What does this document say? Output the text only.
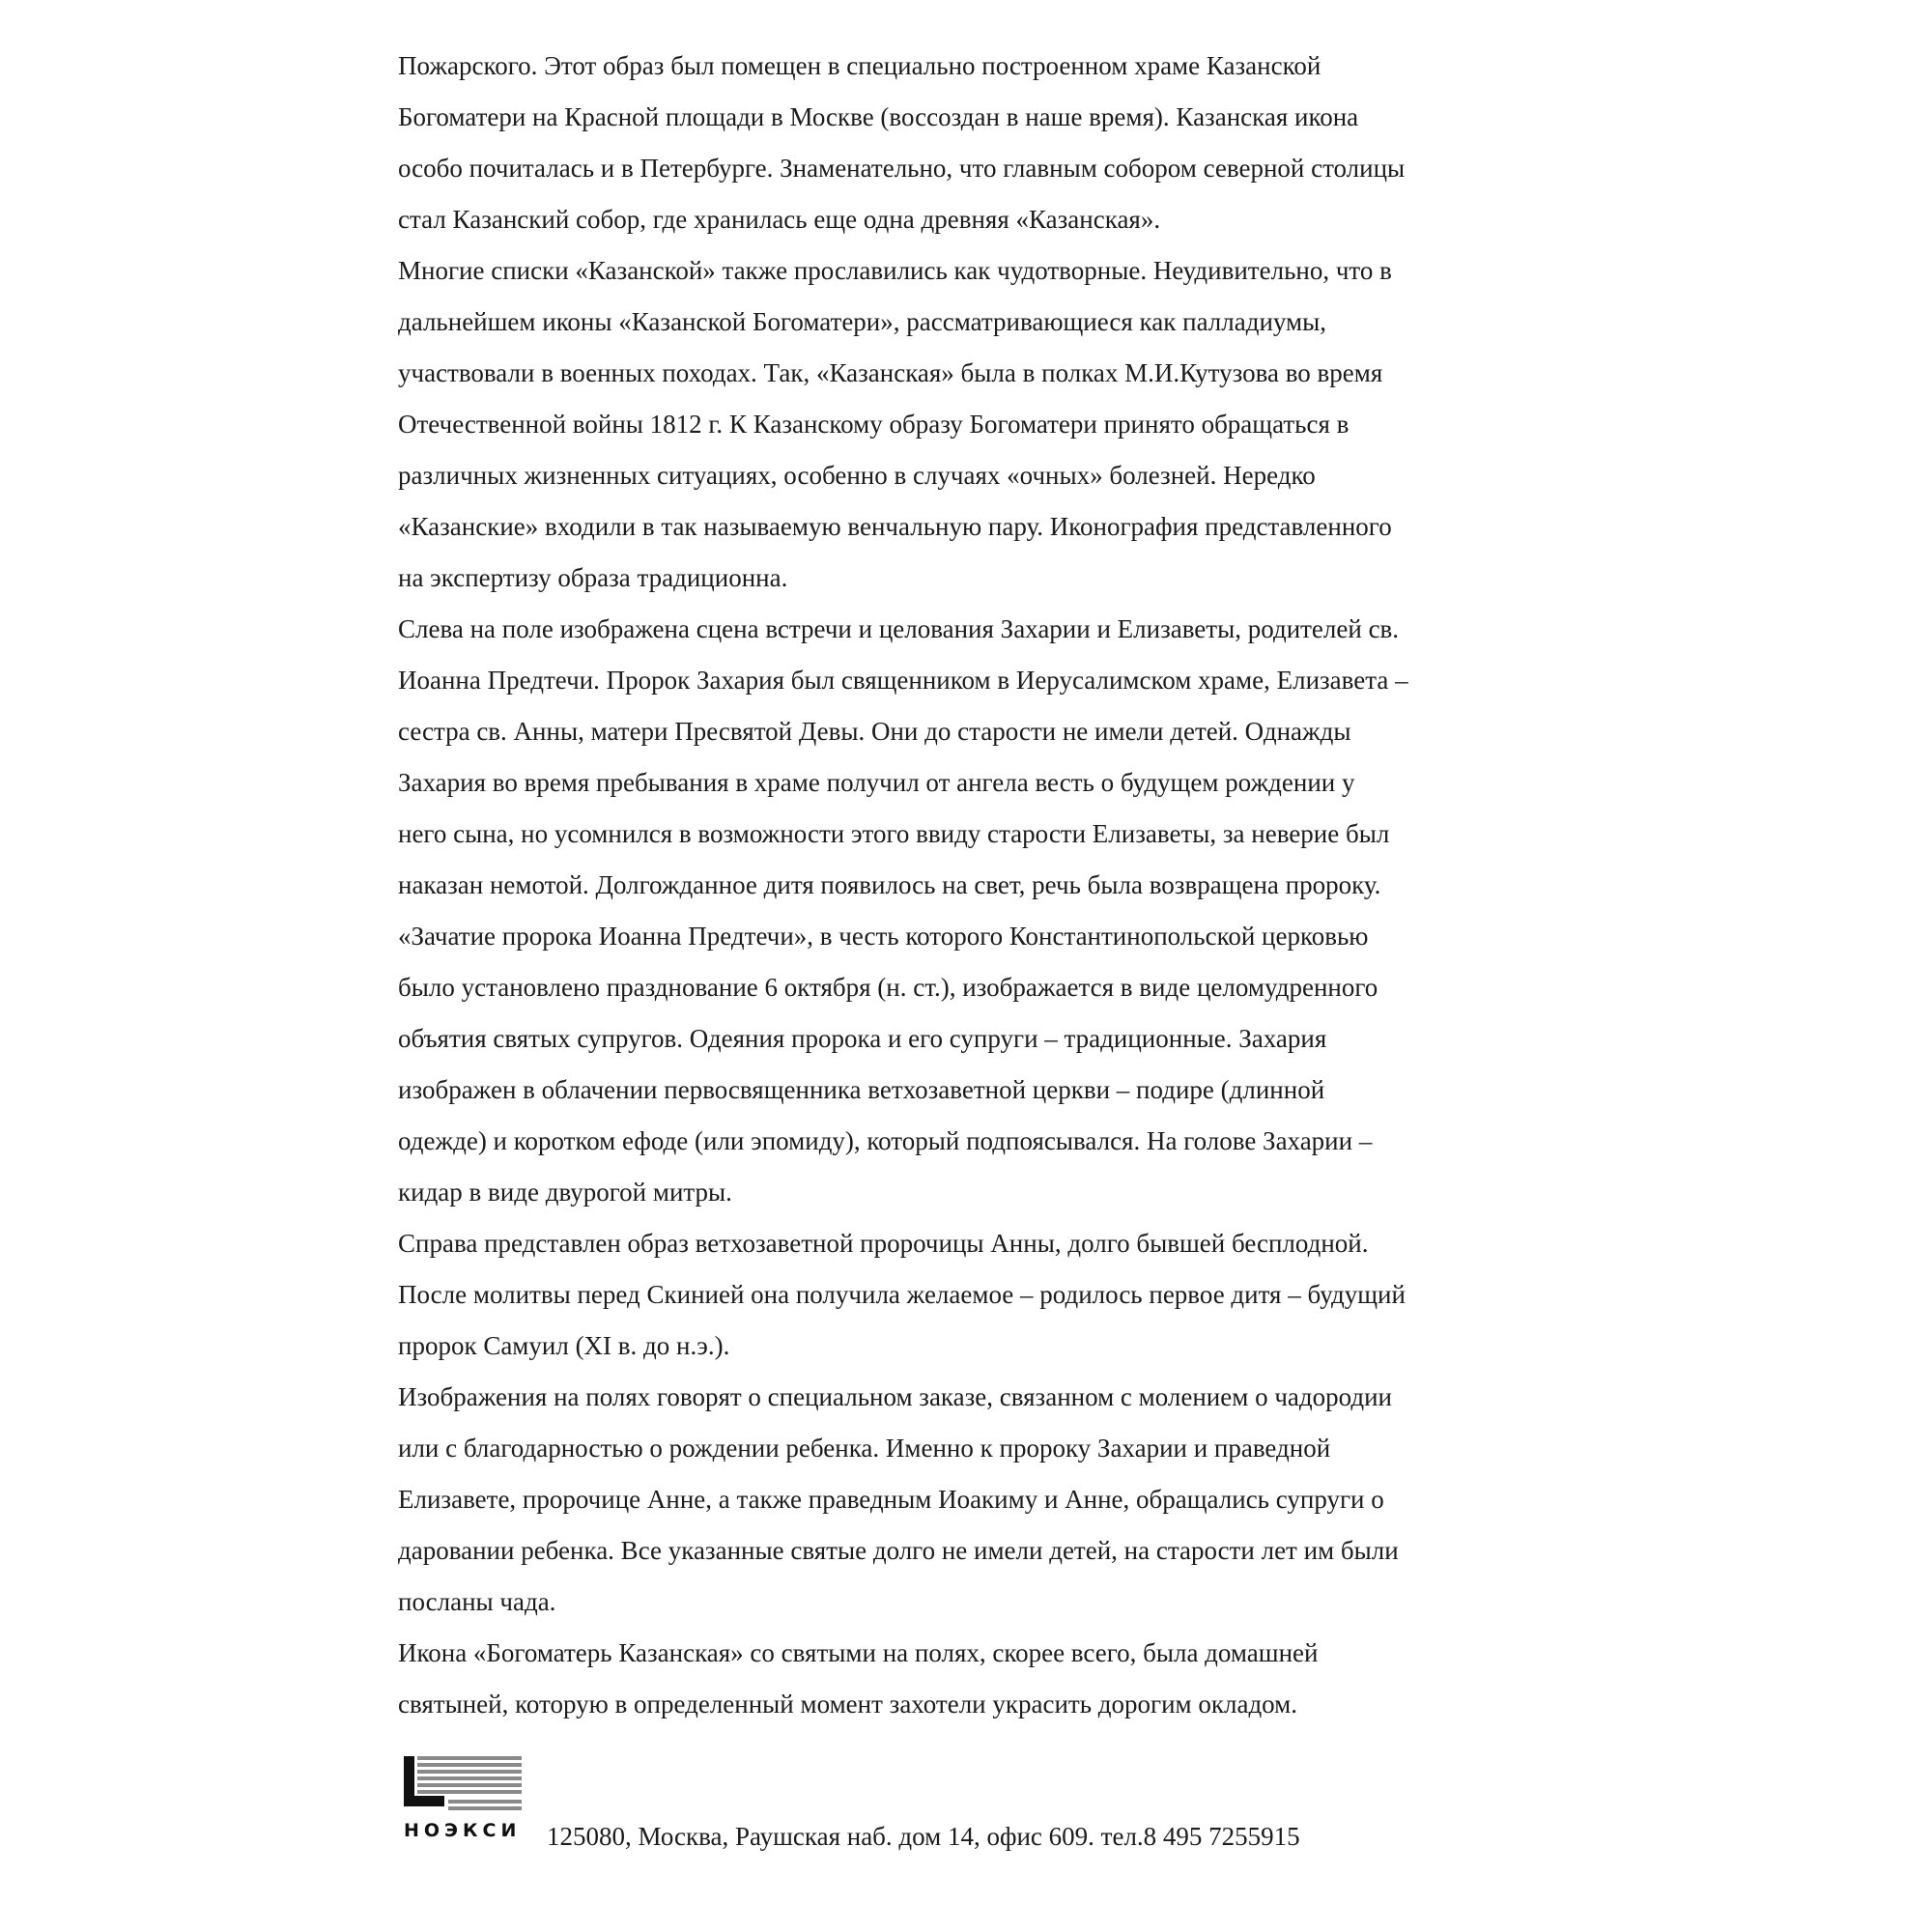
Пожарского. Этот образ был помещен в специально построенном храме Казанской
Богоматери на Красной площади в Москве (воссоздан в наше время). Казанская икона
особо почиталась и в Петербурге. Знаменательно, что главным собором северной столицы
стал Казанский собор, где хранилась еще одна древняя «Казанская».
Многие списки «Казанской» также прославились как чудотворные. Неудивительно, что в
дальнейшем иконы «Казанской Богоматери», рассматривающиеся как палладиумы,
участвовали в военных походах. Так, «Казанская» была в полках М.И.Кутузова во время
Отечественной войны 1812 г. К Казанскому образу Богоматери принято обращаться в
различных жизненных ситуациях, особенно в случаях «очных» болезней. Нередко
«Казанские» входили в так называемую венчальную пару. Иконография представленного
на экспертизу образа традиционна.
Слева на поле изображена сцена встречи и целования Захарии и Елизаветы, родителей св.
Иоанна Предтечи. Пророк Захария был священником в Иерусалимском храме, Елизавета –
сестра св. Анны, матери Пресвятой Девы. Они до старости не имели детей. Однажды
Захария во время пребывания в храме получил от ангела весть о будущем рождении у
него сына, но усомнился в возможности этого ввиду старости Елизаветы, за неверие был
наказан немотой. Долгожданное дитя появилось на свет, речь была возвращена пророку.
«Зачатие пророка Иоанна Предтечи», в честь которого Константинопольской церковью
было установлено празднование 6 октября (н. ст.), изображается в виде целомудренного
объятия святых супругов. Одеяния пророка и его супруги – традиционные. Захария
изображен в облачении первосвященника ветхозаветной церкви – подире (длинной
одежде) и коротком ефоде (или эпомиду), который подпоясывался. На голове Захарии –
кидар в виде двурогой митры.
Справа представлен образ ветхозаветной пророчицы Анны, долго бывшей бесплодной.
После молитвы перед Скинией она получила желаемое – родилось первое дитя – будущий
пророк Самуил (XI в. до н.э.).
Изображения на полях говорят о специальном заказе, связанном с молением о чадородии
или с благодарностью о рождении ребенка. Именно к пророку Захарии и праведной
Елизавете, пророчице Анне, а также праведным Иоакиму и Анне, обращались супруги о
даровании ребенка. Все указанные святые долго не имели детей, на старости лет им были
посланы чада.
Икона «Богоматерь Казанская» со святыми на полях, скорее всего, была домашней
святыней, которую в определенный момент захотели украсить дорогим окладом.
НОЭКСИ 125080, Москва, Раушская наб. дом 14, офис 609. тел.8 495 7255915
